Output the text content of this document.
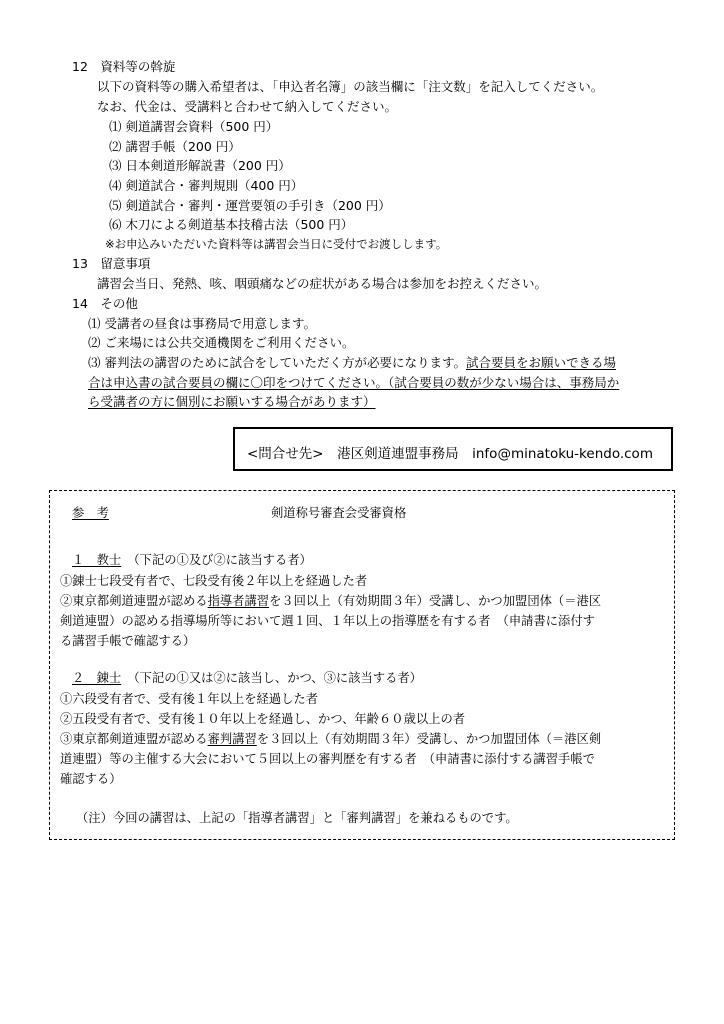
12　資料等の斡旋
以下の資料等の購入希望者は、「申込者名簿」の該当欄に「注文数」を記入してください。
なお、代金は、受講料と合わせて納入してください。
⑴ 剣道講習会資料（500 円）
⑵ 講習手帳（200 円）
⑶ 日本剣道形解説書（200 円）
⑷ 剣道試合・審判規則（400 円）
⑸ 剣道試合・審判・運営要領の手引き（200 円）
⑹ 木刀による剣道基本技稽古法（500 円）
※お申込みいただいた資料等は講習会当日に受付でお渡しします。
13　留意事項
講習会当日、発熱、咳、咽頭痛などの症状がある場合は参加をお控えください。
14　その他
⑴ 受講者の昼食は事務局で用意します。
⑵ ご来場には公共交通機関をご利用ください。
⑶ 審判法の講習のために試合をしていただく方が必要になります。試合要員をお願いできる場
合は申込書の試合要員の欄に〇印をつけてください。（試合要員の数が少ない場合は、事務局か
ら受講者の方に個別にお願いする場合があります）
<問合せ先>　港区剣道連盟事務局　info@minatoku-kendo.com
参　考	剣道称号審査会受審資格
１　教士　（下記の①及び②に該当する者）
①錬士七段受有者で、七段受有後２年以上を経過した者
②東京都剣道連盟が認める指導者講習を３回以上（有効期間３年）受講し、かつ加盟団体（＝港区
剣道連盟）の認める指導場所等において週１回、１年以上の指導歴を有する者　（申請書に添付す
る講習手帳で確認する）
２　錬士　（下記の①又は②に該当し、かつ、③に該当する者）
①六段受有者で、受有後１年以上を経過した者
②五段受有者で、受有後１０年以上を経過し、かつ、年齢６０歳以上の者
③東京都剣道連盟が認める審判講習を３回以上（有効期間３年）受講し、かつ加盟団体（＝港区剣
道連盟）等の主催する大会において５回以上の審判歴を有する者　（申請書に添付する講習手帳で
確認する）
（注）今回の講習は、上記の「指導者講習」と「審判講習」を兼ねるものです。
